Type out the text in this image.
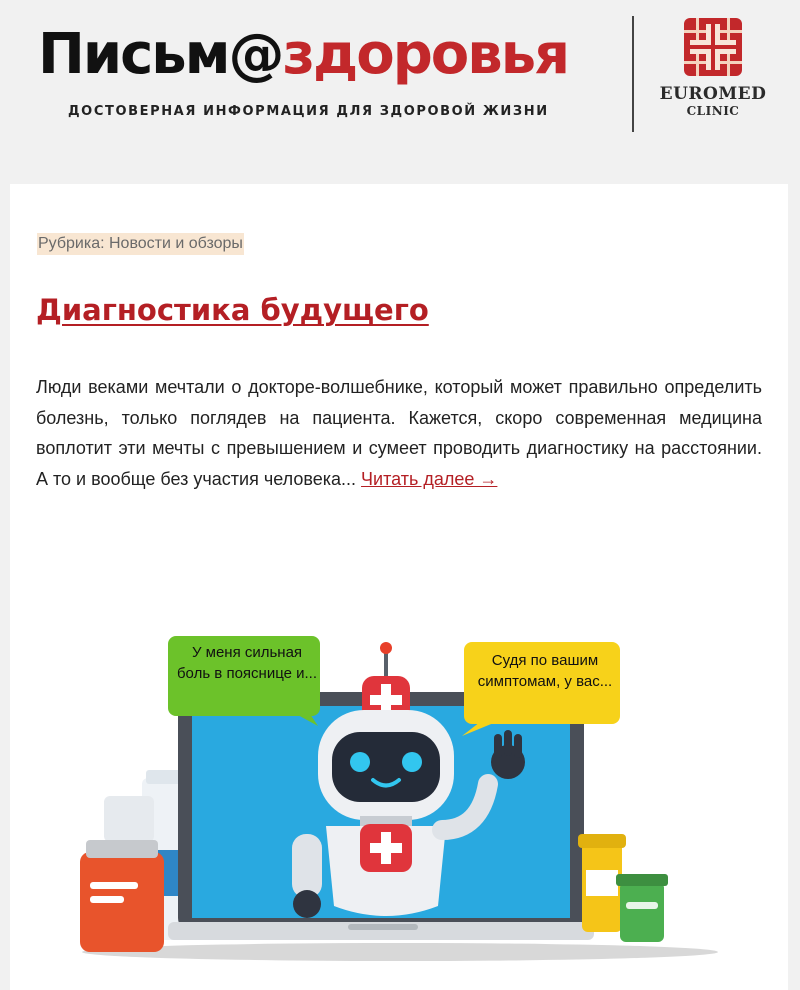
Письм@здоровья
ДОСТОВЕРНАЯ ИНФОРМАЦИЯ ДЛЯ ЗДОРОВОЙ ЖИЗНИ
EUROMED
CLINIC
Рубрика: Новости и обзоры
Диагностика будущего

Люди веками мечтали о докторе-волшебнике, который может правильно определить болезнь, только поглядев на пациента. Кажется, скоро современная медицина воплотит эти мечты с превышением и сумеет проводить диагностику на расстоянии. А то и вообще без участия человека... Читать далее →

У меня сильная боль в пояснице и...
Судя по вашим симптомам, у вас...
